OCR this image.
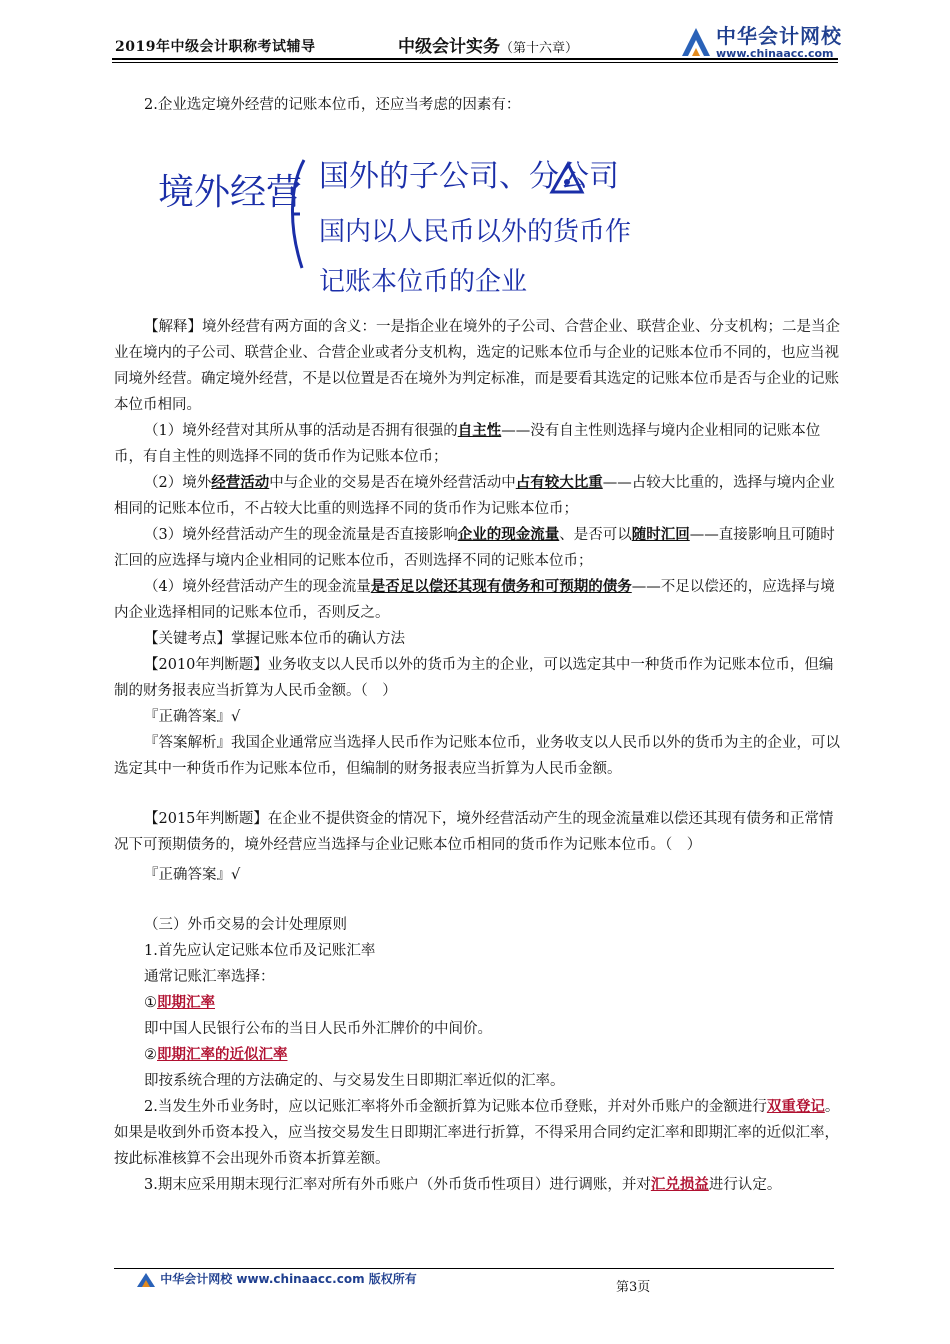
2019年中级会计职称考试辅导	中级会计实务（第十六章）
中华会计网校
www.chinaacc.com

2.企业选定境外经营的记账本位币，还应当考虑的因素有：

境外经营 国外的子公司、分公司
国内以人民币以外的货币作
记账本位币的企业

【解释】境外经营有两方面的含义：一是指企业在境外的子公司、合营企业、联营企业、分支机构；二是当企业在境内的子公司、联营企业、合营企业或者分支机构，选定的记账本位币与企业的记账本位币不同的，也应当视同境外经营。确定境外经营，不是以位置是否在境外为判定标准，而是要看其选定的记账本位币是否与企业的记账本位币相同。

（1）境外经营对其所从事的活动是否拥有很强的自主性——没有自主性则选择与境内企业相同的记账本位币，有自主性的则选择不同的货币作为记账本位币；

（2）境外经营活动中与企业的交易是否在境外经营活动中占有较大比重——占较大比重的，选择与境内企业相同的记账本位币，不占较大比重的则选择不同的货币作为记账本位币；

（3）境外经营活动产生的现金流量是否直接影响企业的现金流量、是否可以随时汇回——直接影响且可随时汇回的应选择与境内企业相同的记账本位币，否则选择不同的记账本位币；

（4）境外经营活动产生的现金流量是否足以偿还其现有债务和可预期的债务——不足以偿还的，应选择与境内企业选择相同的记账本位币，否则反之。

【关键考点】掌握记账本位币的确认方法

【2010年判断题】业务收支以人民币以外的货币为主的企业，可以选定其中一种货币作为记账本位币，但编制的财务报表应当折算为人民币金额。（　）

『正确答案』√

『答案解析』我国企业通常应当选择人民币作为记账本位币，业务收支以人民币以外的货币为主的企业，可以选定其中一种货币作为记账本位币，但编制的财务报表应当折算为人民币金额。

【2015年判断题】在企业不提供资金的情况下，境外经营活动产生的现金流量难以偿还其现有债务和正常情况下可预期债务的，境外经营应当选择与企业记账本位币相同的货币作为记账本位币。（　）

『正确答案』√

（三）外币交易的会计处理原则

1.首先应认定记账本位币及记账汇率

通常记账汇率选择：

①即期汇率

即中国人民银行公布的当日人民币外汇牌价的中间价。

②即期汇率的近似汇率

即按系统合理的方法确定的、与交易发生日即期汇率近似的汇率。

2.当发生外币业务时，应以记账汇率将外币金额折算为记账本位币登账，并对外币账户的金额进行双重登记。如果是收到外币资本投入，应当按交易发生日即期汇率进行折算，不得采用合同约定汇率和即期汇率的近似汇率，按此标准核算不会出现外币资本折算差额。

3.期末应采用期末现行汇率对所有外币账户（外币货币性项目）进行调账，并对汇兑损益进行认定。

中华会计网校 www.chinaacc.com 版权所有
第3页
